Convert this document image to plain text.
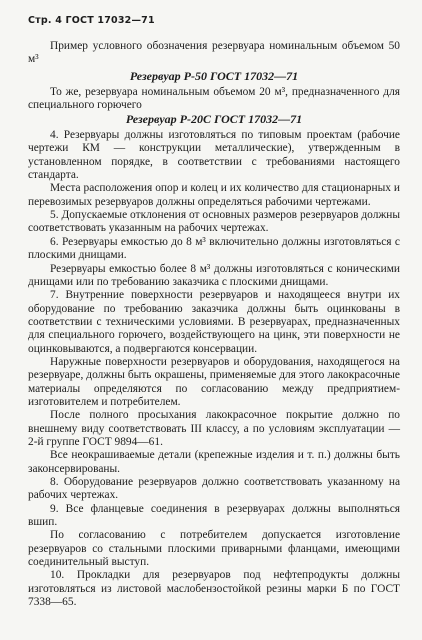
Стр. 4 ГОСТ 17032—71

Пример условного обозначения резервуара номинальным объемом 50 м³

Резервуар Р-50 ГОСТ 17032—71

То же, резервуара номинальным объемом 20 м³, предназначенного для специального горючего

Резервуар Р-20С ГОСТ 17032—71

4. Резервуары должны изготовляться по типовым проектам (рабочие чертежи КМ — конструкции металлические), утвержденным в установленном порядке, в соответствии с требованиями настоящего стандарта.

Места расположения опор и колец и их количество для стационарных и перевозимых резервуаров должны определяться рабочими чертежами.

5. Допускаемые отклонения от основных размеров резервуаров должны соответствовать указанным на рабочих чертежах.

6. Резервуары емкостью до 8 м³ включительно должны изготовляться с плоскими днищами.

Резервуары емкостью более 8 м³ должны изготовляться с коническими днищами или по требованию заказчика с плоскими днищами.

7. Внутренние поверхности резервуаров и находящееся внутри их оборудование по требованию заказчика должны быть оцинкованы в соответствии с техническими условиями. В резервуарах, предназначенных для специального горючего, воздействующего на цинк, эти поверхности не оцинковываются, а подвергаются консервации.

Наружные поверхности резервуаров и оборудования, находящегося на резервуаре, должны быть окрашены, применяемые для этого лакокрасочные материалы определяются по согласованию между предприятием-изготовителем и потребителем.

После полного просыхания лакокрасочное покрытие должно по внешнему виду соответствовать III классу, а по условиям эксплуатации — 2-й группе ГОСТ 9894—61.

Все неокрашиваемые детали (крепежные изделия и т. п.) должны быть законсервированы.

8. Оборудование резервуаров должно соответствовать указанному на рабочих чертежах.

9. Все фланцевые соединения в резервуарах должны выполняться вшип.

По согласованию с потребителем допускается изготовление резервуаров со стальными плоскими приварными фланцами, имеющими соединительный выступ.

10. Прокладки для резервуаров под нефтепродукты должны изготовляться из листовой маслобензостойкой резины марки Б по ГОСТ 7338—65.
